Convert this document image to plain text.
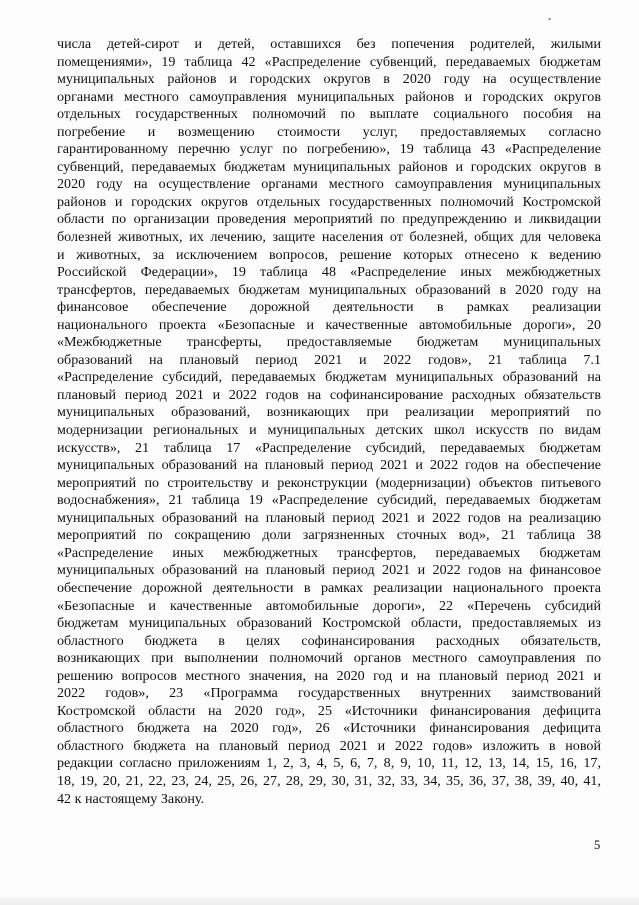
числа детей-сирот и детей, оставшихся без попечения родителей, жилыми
помещениями», 19 таблица 42 «Распределение субвенций, передаваемых бюджетам
муниципальных районов и городских округов в 2020 году на осуществление
органами местного самоуправления муниципальных районов и городских округов
отдельных государственных полномочий по выплате социального пособия на
погребение и возмещению стоимости услуг, предоставляемых согласно
гарантированному перечню услуг по погребению», 19 таблица 43 «Распределение
субвенций, передаваемых бюджетам муниципальных районов и городских округов в
2020 году на осуществление органами местного самоуправления муниципальных
районов и городских округов отдельных государственных полномочий Костромской
области по организации проведения мероприятий по предупреждению и ликвидации
болезней животных, их лечению, защите населения от болезней, общих для человека
и животных, за исключением вопросов, решение которых отнесено к ведению
Российской Федерации», 19 таблица 48 «Распределение иных межбюджетных
трансфертов, передаваемых бюджетам муниципальных образований в 2020 году на
финансовое обеспечение дорожной деятельности в рамках реализации
национального проекта «Безопасные и качественные автомобильные дороги», 20
«Межбюджетные трансферты, предоставляемые бюджетам муниципальных
образований на плановый период 2021 и 2022 годов», 21 таблица 7.1
«Распределение субсидий, передаваемых бюджетам муниципальных образований на
плановый период 2021 и 2022 годов на софинансирование расходных обязательств
муниципальных образований, возникающих при реализации мероприятий по
модернизации региональных и муниципальных детских школ искусств по видам
искусств», 21 таблица 17 «Распределение субсидий, передаваемых бюджетам
муниципальных образований на плановый период 2021 и 2022 годов на обеспечение
мероприятий по строительству и реконструкции (модернизации) объектов питьевого
водоснабжения», 21 таблица 19 «Распределение субсидий, передаваемых бюджетам
муниципальных образований на плановый период 2021 и 2022 годов на реализацию
мероприятий по сокращению доли загрязненных сточных вод», 21 таблица 38
«Распределение иных межбюджетных трансфертов, передаваемых бюджетам
муниципальных образований на плановый период 2021 и 2022 годов на финансовое
обеспечение дорожной деятельности в рамках реализации национального проекта
«Безопасные и качественные автомобильные дороги», 22 «Перечень субсидий
бюджетам муниципальных образований Костромской области, предоставляемых из
областного бюджета в целях софинансирования расходных обязательств,
возникающих при выполнении полномочий органов местного самоуправления по
решению вопросов местного значения, на 2020 год и на плановый период 2021 и
2022 годов», 23 «Программа государственных внутренних заимствований
Костромской области на 2020 год», 25 «Источники финансирования дефицита
областного бюджета на 2020 год», 26 «Источники финансирования дефицита
областного бюджета на плановый период 2021 и 2022 годов» изложить в новой
редакции согласно приложениям 1, 2, 3, 4, 5, 6, 7, 8, 9, 10, 11, 12, 13, 14, 15, 16, 17,
18, 19, 20, 21, 22, 23, 24, 25, 26, 27, 28, 29, 30, 31, 32, 33, 34, 35, 36, 37, 38, 39, 40, 41,
42 к настоящему Закону.
5
